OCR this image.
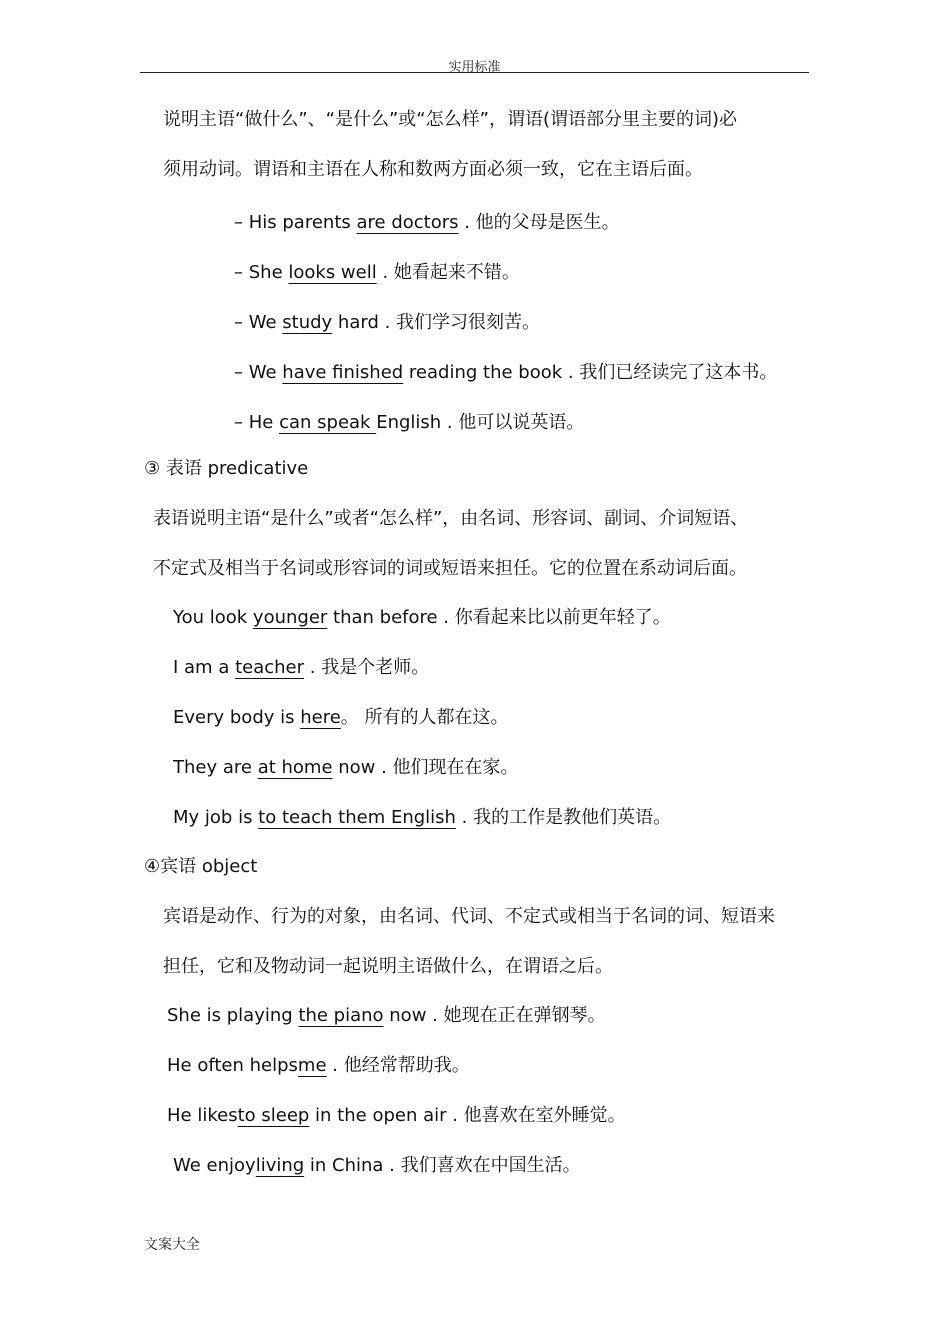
实用标准
说明主语“做什么”、“是什么”或“怎么样”，谓语(谓语部分里主要的词)必
须用动词。谓语和主语在人称和数两方面必须一致，它在主语后面。
– His parents are doctors . 他的父母是医生。
– She looks well . 她看起来不错。
– We study hard . 我们学习很刻苦。
– We have finished reading the book . 我们已经读完了这本书。
– He can speak English . 他可以说英语。
③ 表语 predicative
表语说明主语“是什么”或者“怎么样”，由名词、形容词、副词、介词短语、
不定式及相当于名词或形容词的词或短语来担任。它的位置在系动词后面。
You look younger than before . 你看起来比以前更年轻了。
I am a teacher . 我是个老师。
Every body is here。 所有的人都在这。
They are at home now . 他们现在在家。
My job is to teach them English . 我的工作是教他们英语。
④宾语 object
宾语是动作、行为的对象，由名词、代词、不定式或相当于名词的词、短语来
担任，它和及物动词一起说明主语做什么，在谓语之后。
She is playing the piano now . 她现在正在弹钢琴。
He often helpsme . 他经常帮助我。
He likesto sleep in the open air . 他喜欢在室外睡觉。
We enjoyliving in China . 我们喜欢在中国生活。
文案大全
